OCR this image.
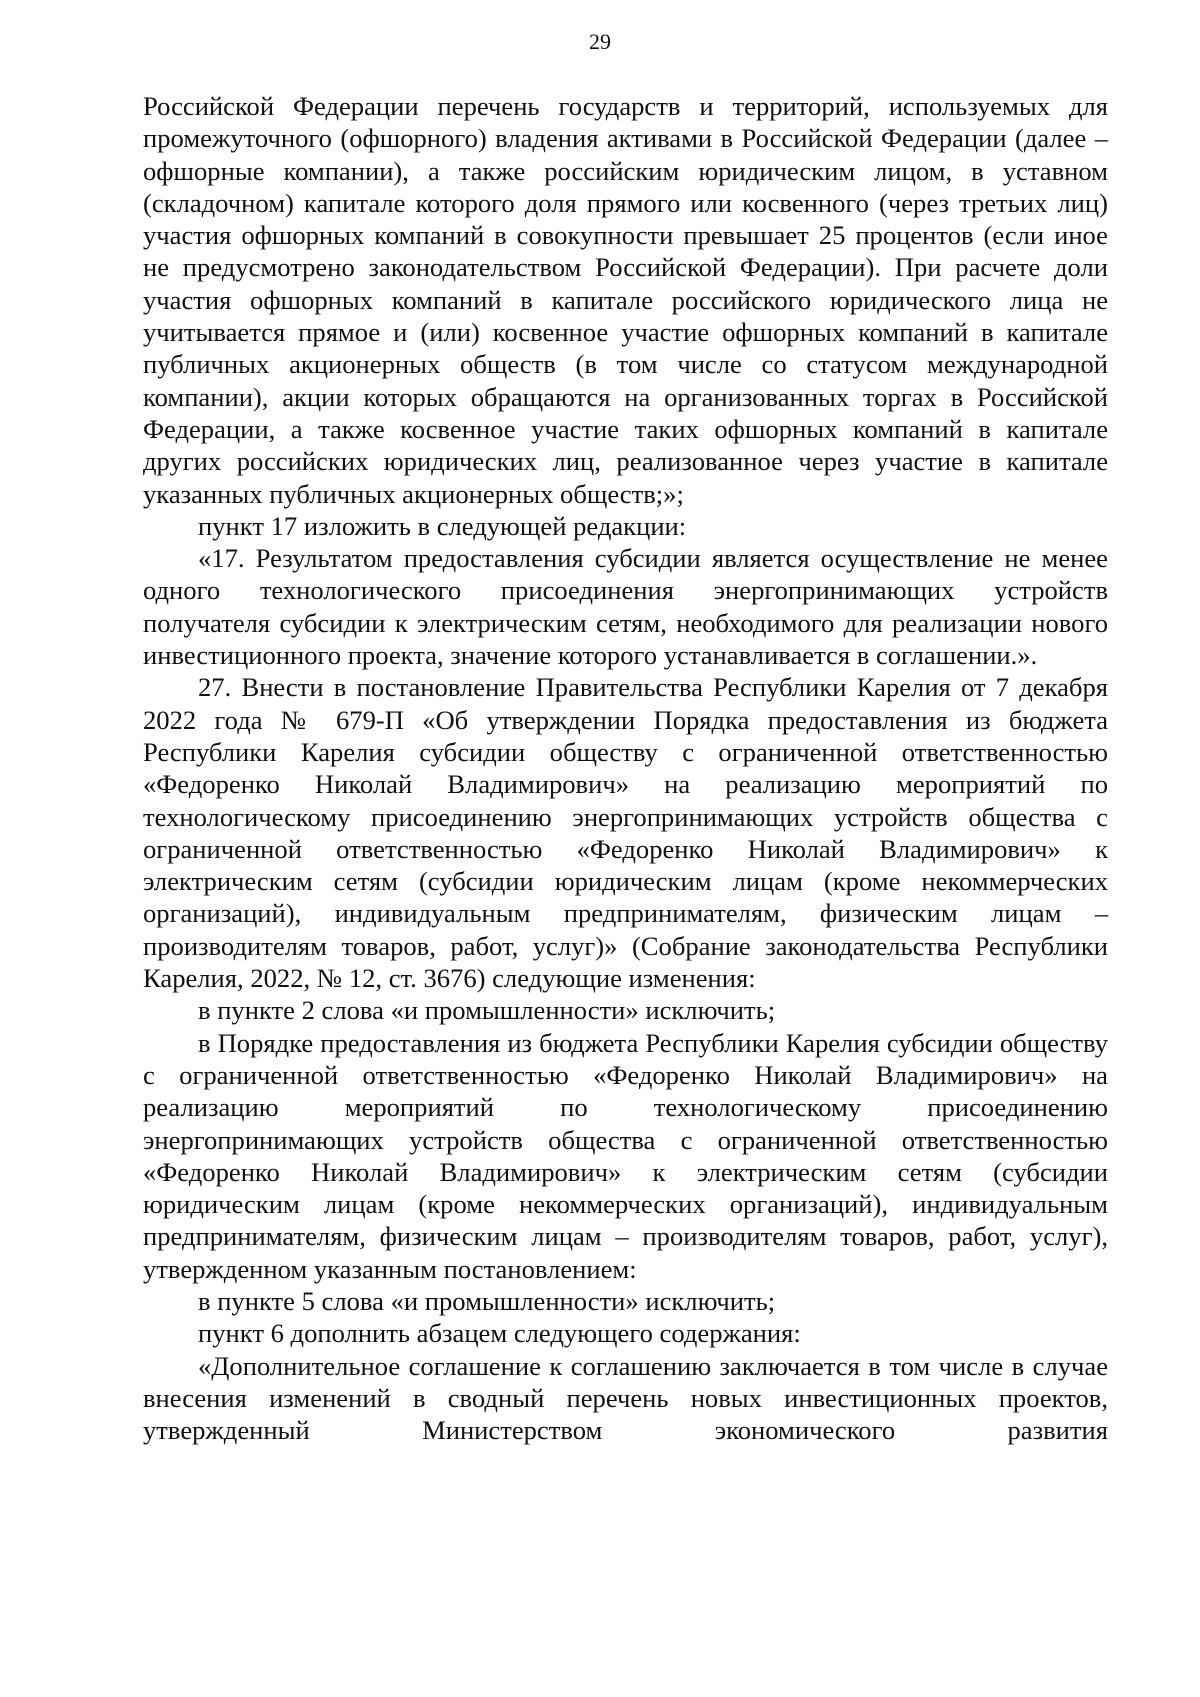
29

Российской Федерации перечень государств и территорий, используемых для промежуточного (офшорного) владения активами в Российской Федерации (далее – офшорные компании), а также российским юридическим лицом, в уставном (складочном) капитале которого доля прямого или косвенного (через третьих лиц) участия офшорных компаний в совокупности превышает 25 процентов (если иное не предусмотрено законодательством Российской Федерации). При расчете доли участия офшорных компаний в капитале российского юридического лица не учитывается прямое и (или) косвенное участие офшорных компаний в капитале публичных акционерных обществ (в том числе со статусом международной компании), акции которых обращаются на организованных торгах в Российской Федерации, а также косвенное участие таких офшорных компаний в капитале других российских юридических лиц, реализованное через участие в капитале указанных публичных акционерных обществ;»;

пункт 17 изложить в следующей редакции:

«17. Результатом предоставления субсидии является осуществление не менее одного технологического присоединения энергопринимающих устройств получателя субсидии к электрическим сетям, необходимого для реализации нового инвестиционного проекта, значение которого устанавливается в соглашении.».

27. Внести в постановление Правительства Республики Карелия от 7 декабря 2022 года № 679-П «Об утверждении Порядка предоставления из бюджета Республики Карелия субсидии обществу с ограниченной ответственностью «Федоренко Николай Владимирович» на реализацию мероприятий по технологическому присоединению энергопринимающих устройств общества с ограниченной ответственностью «Федоренко Николай Владимирович» к электрическим сетям (субсидии юридическим лицам (кроме некоммерческих организаций), индивидуальным предпринимателям, физическим лицам – производителям товаров, работ, услуг)» (Собрание законодательства Республики Карелия, 2022, № 12, ст. 3676) следующие изменения:

в пункте 2 слова «и промышленности» исключить;

в Порядке предоставления из бюджета Республики Карелия субсидии обществу с ограниченной ответственностью «Федоренко Николай Владимирович» на реализацию мероприятий по технологическому присоединению энергопринимающих устройств общества с ограниченной ответственностью «Федоренко Николай Владимирович» к электрическим сетям (субсидии юридическим лицам (кроме некоммерческих организаций), индивидуальным предпринимателям, физическим лицам – производителям товаров, работ, услуг), утвержденном указанным постановлением:

в пункте 5 слова «и промышленности» исключить;

пункт 6 дополнить абзацем следующего содержания:

«Дополнительное соглашение к соглашению заключается в том числе в случае внесения изменений в сводный перечень новых инвестиционных проектов, утвержденный Министерством экономического развития
